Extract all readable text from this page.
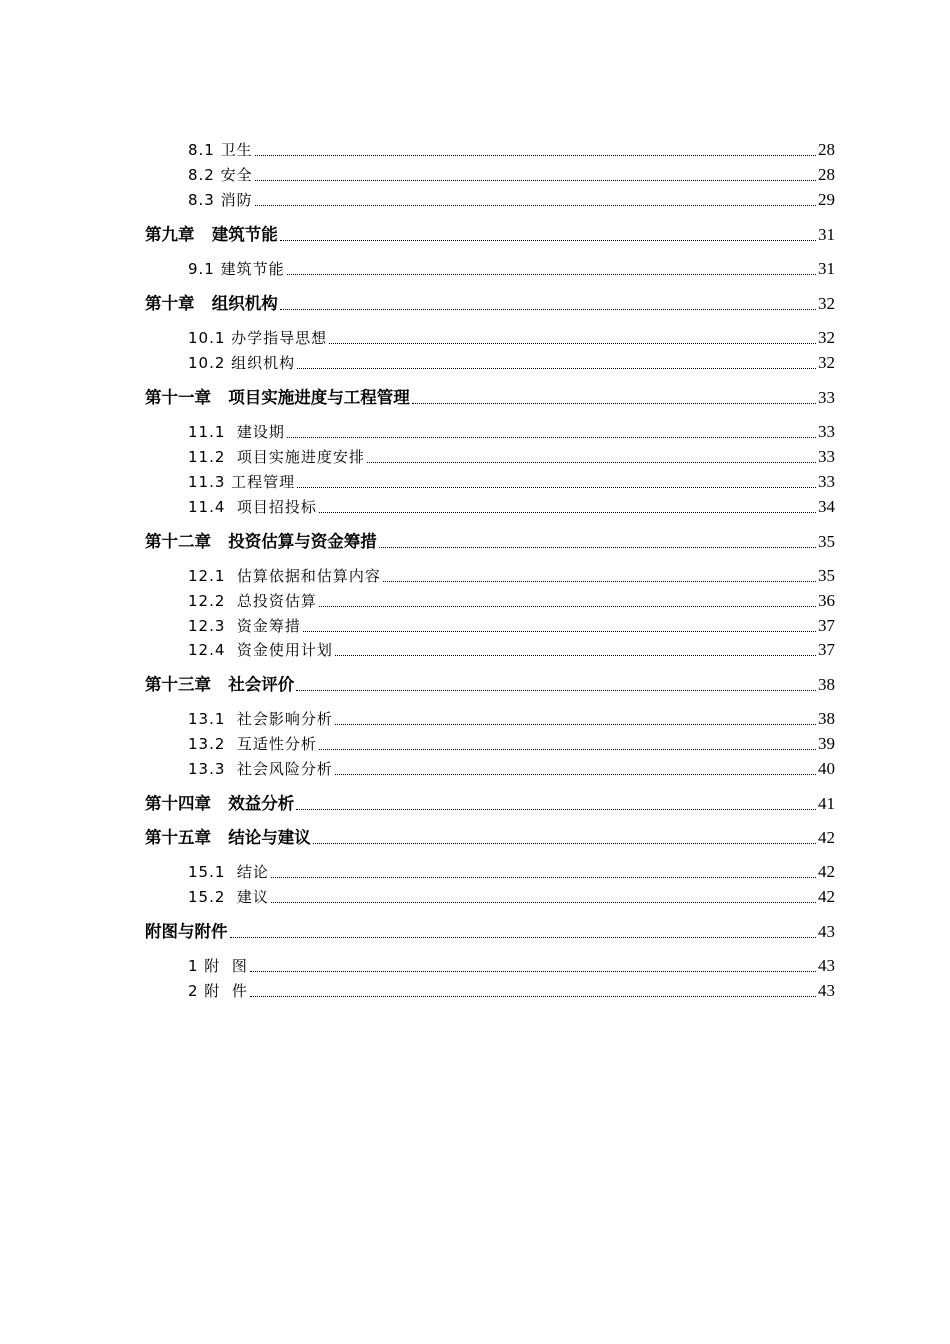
8.1 卫生	28
8.2 安全	28
8.3 消防	29
第九章   建筑节能	31
9.1 建筑节能	31
第十章   组织机构	32
10.1 办学指导思想	32
10.2 组织机构	32
第十一章   项目实施进度与工程管理	33
11.1  建设期	33
11.2  项目实施进度安排	33
11.3 工程管理	33
11.4  项目招投标	34
第十二章   投资估算与资金筹措	35
12.1  估算依据和估算内容	35
12.2  总投资估算	36
12.3  资金筹措	37
12.4  资金使用计划	37
第十三章   社会评价	38
13.1  社会影响分析	38
13.2  互适性分析	39
13.3  社会风险分析	40
第十四章   效益分析	41
第十五章   结论与建议	42
15.1  结论	42
15.2  建议	42
附图与附件	43
1 附  图	43
2 附  件	43
